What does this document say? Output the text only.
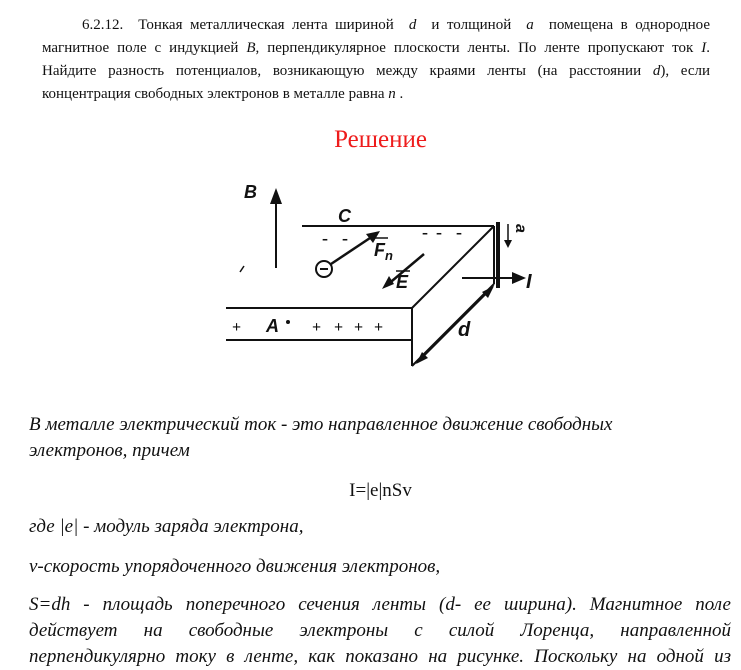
6.2.12. Тонкая металлическая лента шириной d и толщиной a помещена в однородное
магнитное поле с индукцией B, перпендикулярное плоскости ленты. По ленте пропускают ток I.
Найдите разность потенциалов, возникающую между краями ленты (на расстоянии d), если
концентрация свободных электронов в металле равна n .
Решение
B
C
- -	- - -
$F_n$
E	I
a
d
+ A + + + +
В металле электрический ток - это направленное движение свободных
электронов, причем
I=|e|nSv
где |e| - модуль заряда электрона,
v-скорость упорядоченного движения электронов,
S=dh - площадь поперечного сечения ленты (d- ее ширина). Магнитное поле
действует на свободные электроны с силой Лоренца, направленной
перпендикулярно току в ленте, как показано на рисунке. Поскольку на одной из
